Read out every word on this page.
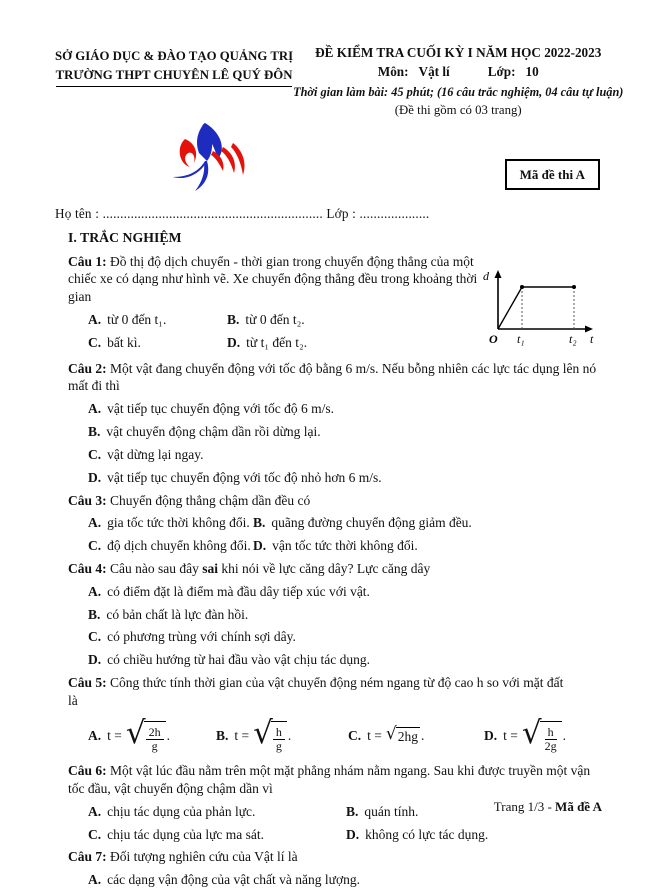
SỞ GIÁO DỤC & ĐÀO TẠO QUẢNG TRỊ
TRƯỜNG THPT CHUYÊN LÊ QUÝ ĐÔN
ĐỀ KIỂM TRA CUỐI KỲ I NĂM HỌC 2022-2023
Môn: Vật lí	Lớp: 10
Thời gian làm bài: 45 phút; (16 câu trắc nghiệm, 04 câu tự luận)
(Đề thi gồm có 03 trang)
Mã đề thi A
Họ tên : ............................................................... Lớp : ....................
I. TRẮC NGHIỆM
d
O t₁	t₂ t
Câu 1: Đồ thị độ dịch chuyển - thời gian trong chuyển động thẳng của một chiếc xe có dạng như hình vẽ. Xe chuyển động thẳng đều trong khoảng thời gian
A. từ 0 đến t₁.	B. từ 0 đến t₂.
C. bất kì.	D. từ t₁ đến t₂.
Câu 2: Một vật đang chuyển động với tốc độ bằng 6 m/s. Nếu bỗng nhiên các lực tác dụng lên nó mất đi thì
A. vật tiếp tục chuyển động với tốc độ 6 m/s.
B. vật chuyển động chậm dần rồi dừng lại.
C. vật dừng lại ngay.
D. vật tiếp tục chuyển động với tốc độ nhỏ hơn 6 m/s.
Câu 3: Chuyển động thẳng chậm dần đều có
A. gia tốc tức thời không đổi. B. quãng đường chuyển động giảm đều.
C. độ dịch chuyển không đổi. D. vận tốc tức thời không đổi.
Câu 4: Câu nào sau đây sai khi nói về lực căng dây? Lực căng dây
A. có điểm đặt là điểm mà đầu dây tiếp xúc với vật.
B. có bản chất là lực đàn hồi.
C. có phương trùng với chính sợi dây.
D. có chiều hướng từ hai đầu vào vật chịu tác dụng.
Câu 5: Công thức tính thời gian của vật chuyển động ném ngang từ độ cao h so với mặt đất
là
A. t = √ $\frac{2h}{g}$ .	B. t = √ $\frac{h}{g}$ .	C. t = √ 2hg .	D. t = √ $\frac{h}{2g}$ .
Câu 6: Một vật lúc đầu nằm trên một mặt phẳng nhám nằm ngang. Sau khi được truyền một vận tốc đầu, vật chuyển động chậm dần vì
A. chịu tác dụng của phản lực.	B. quán tính.
C. chịu tác dụng của lực ma sát.	D. không có lực tác dụng.
Câu 7: Đối tượng nghiên cứu của Vật lí là
A. các dạng vận động của vật chất và năng lượng.
Trang 1/3 - Mã đề A
